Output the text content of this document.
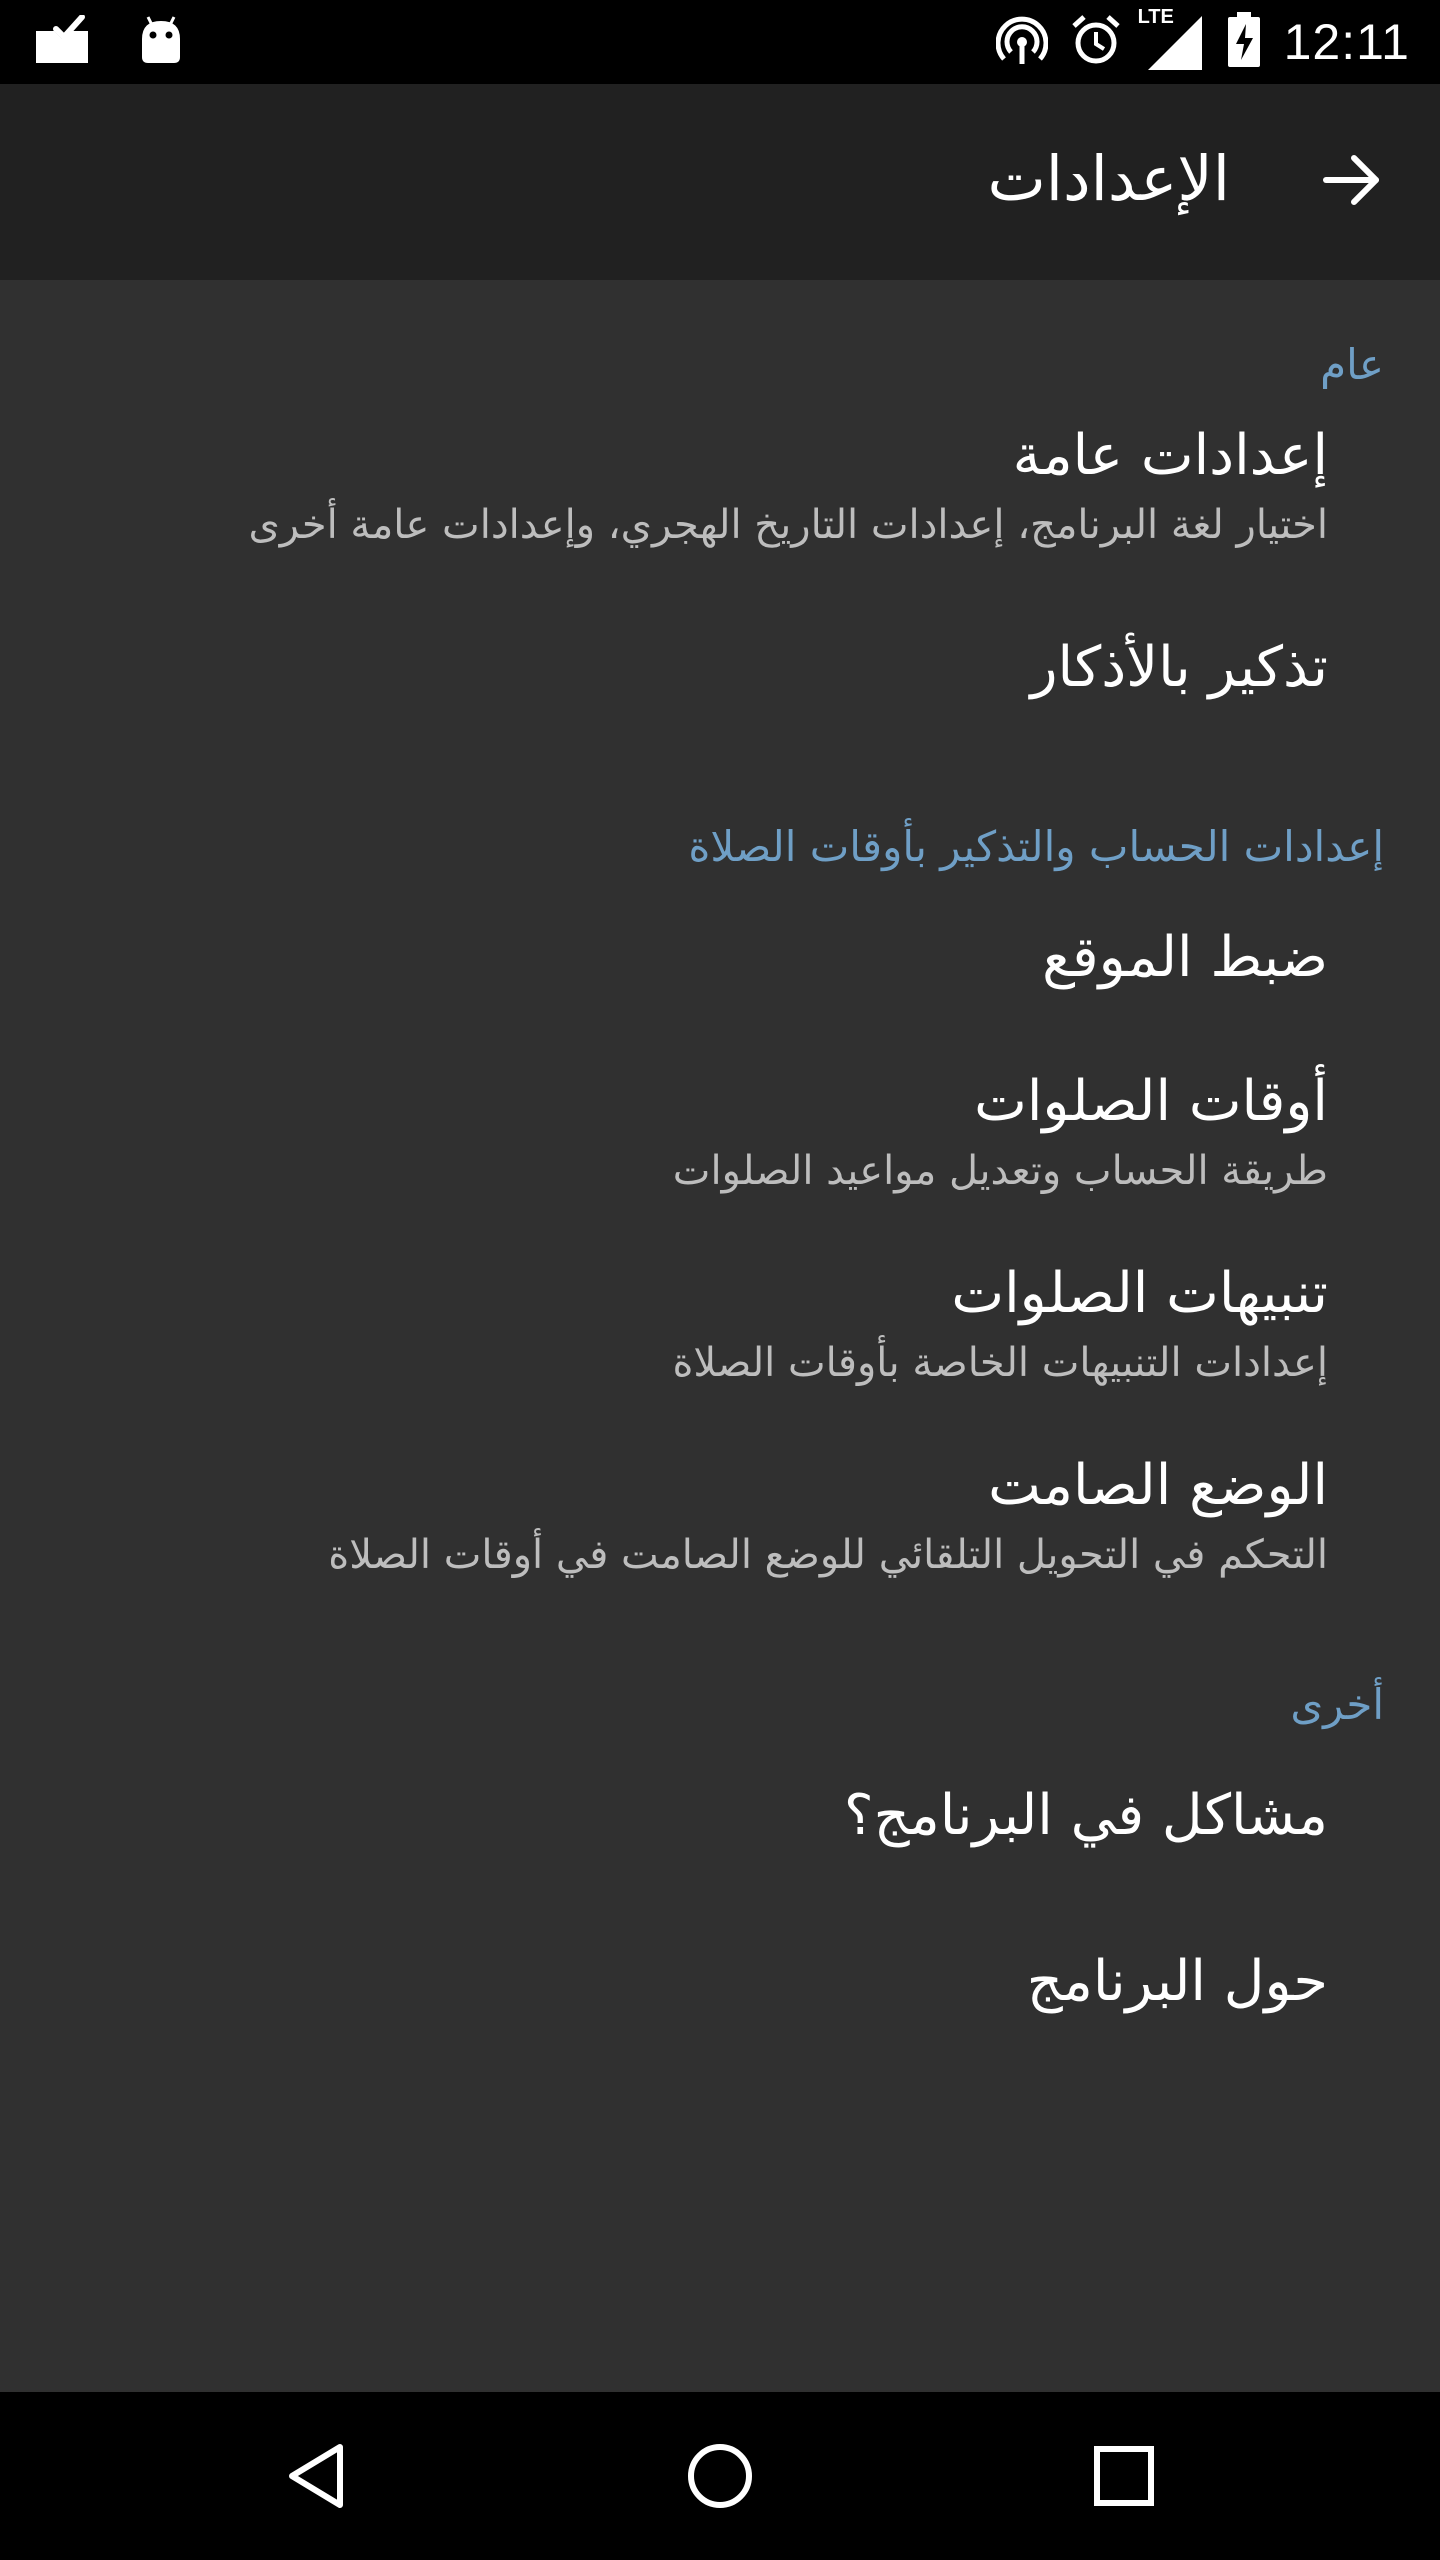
LTE 12:11
الإعدادات
عام
إعدادات عامة
اختيار لغة البرنامج، إعدادات التاريخ الهجري، وإعدادات عامة أخرى
تذكير بالأذكار
إعدادات الحساب والتذكير بأوقات الصلاة
ضبط الموقع
أوقات الصلوات
طريقة الحساب وتعديل مواعيد الصلوات
تنبيهات الصلوات
إعدادات التنبيهات الخاصة بأوقات الصلاة
الوضع الصامت
التحكم في التحويل التلقائي للوضع الصامت في أوقات الصلاة
أخرى
مشاكل في البرنامج؟
حول البرنامج
